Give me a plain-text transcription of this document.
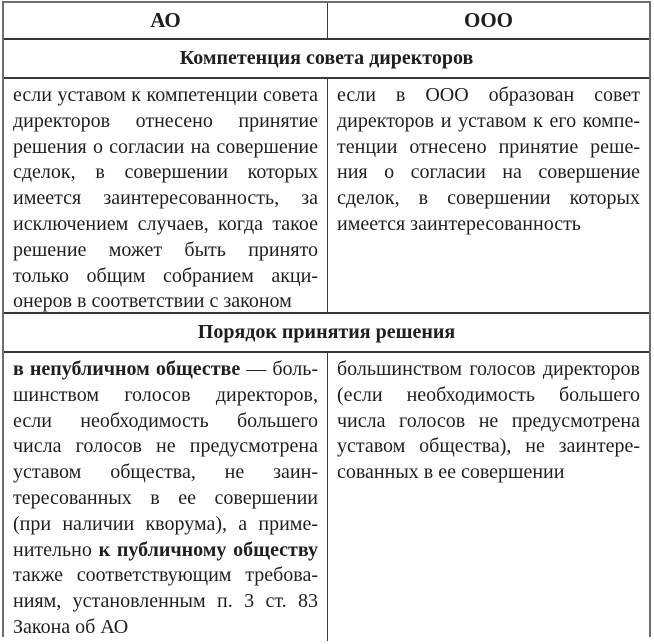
АО	ООО
Компетенция совета директоров
если уставом к компетенции совета директоров отнесено принятие решения о согласии на совершение сделок, в совершении которых имеется заинтересованность, за исключением случаев, когда такое решение может быть принято только общим собранием акционеров в соответствии с законом
если в ООО образован совет директоров и уставом к его компетенции отнесено принятие решения о согласии на совершение сделок, в совершении которых имеется заинтересованность
Порядок принятия решения
в непубличном обществе — большинством голосов директоров, если необходимость большего числа голосов не предусмотрена уставом общества, не заинтересованных в ее совершении (при наличии кворума), а применительно к публичному обществу также соответствующим требованиям, установленным п. 3 ст. 83 Закона об АО
большинством голосов директоров (если необходимость большего числа голосов не предусмотрена уставом общества), не заинтересованных в ее совершении
